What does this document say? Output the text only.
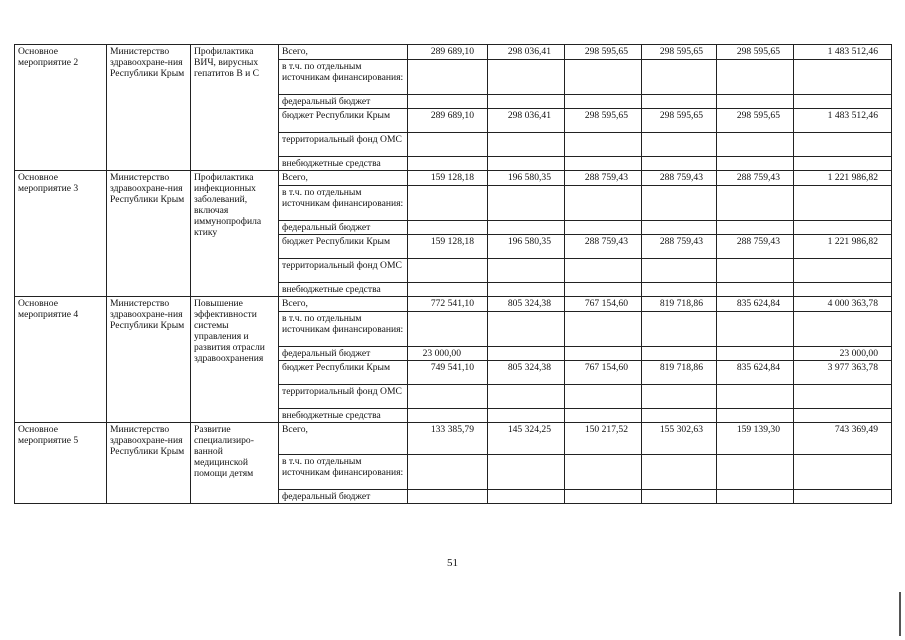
Основное мероприятие 2	Министерство здравоохране-ния Республики Крым	Профилактика ВИЧ, вирусных гепатитов В и С	Всего,	289 689,10	298 036,41	298 595,65	298 595,65	298 595,65	1 483 512,46
			в т.ч. по отдельным источникам финансирования:						
			федеральный бюджет						
			бюджет Республики Крым	289 689,10	298 036,41	298 595,65	298 595,65	298 595,65	1 483 512,46
			территориальный фонд ОМС						
			внебюджетные средства						
Основное мероприятие 3	Министерство здравоохране-ния Республики Крым	Профилактика инфекционных заболеваний, включая иммунопрофила ктику	Всего,	159 128,18	196 580,35	288 759,43	288 759,43	288 759,43	1 221 986,82
			в т.ч. по отдельным источникам финансирования:						
			федеральный бюджет						
			бюджет Республики Крым	159 128,18	196 580,35	288 759,43	288 759,43	288 759,43	1 221 986,82
			территориальный фонд ОМС						
			внебюджетные средства						
Основное мероприятие 4	Министерство здравоохране-ния Республики Крым	Повышение эффективности системы управления и развития отрасли здравоохранения	Всего,	772 541,10	805 324,38	767 154,60	819 718,86	835 624,84	4 000 363,78
			в т.ч. по отдельным источникам финансирования:						
			федеральный бюджет	23 000,00					23 000,00
			бюджет Республики Крым	749 541,10	805 324,38	767 154,60	819 718,86	835 624,84	3 977 363,78
			территориальный фонд ОМС						
			внебюджетные средства						
Основное мероприятие 5	Министерство здравоохране-ния Республики Крым	Развитие специализиро-ванной медицинской помощи детям	Всего,	133 385,79	145 324,25	150 217,52	155 302,63	159 139,30	743 369,49
			в т.ч. по отдельным источникам финансирования:						
			федеральный бюджет						
51
